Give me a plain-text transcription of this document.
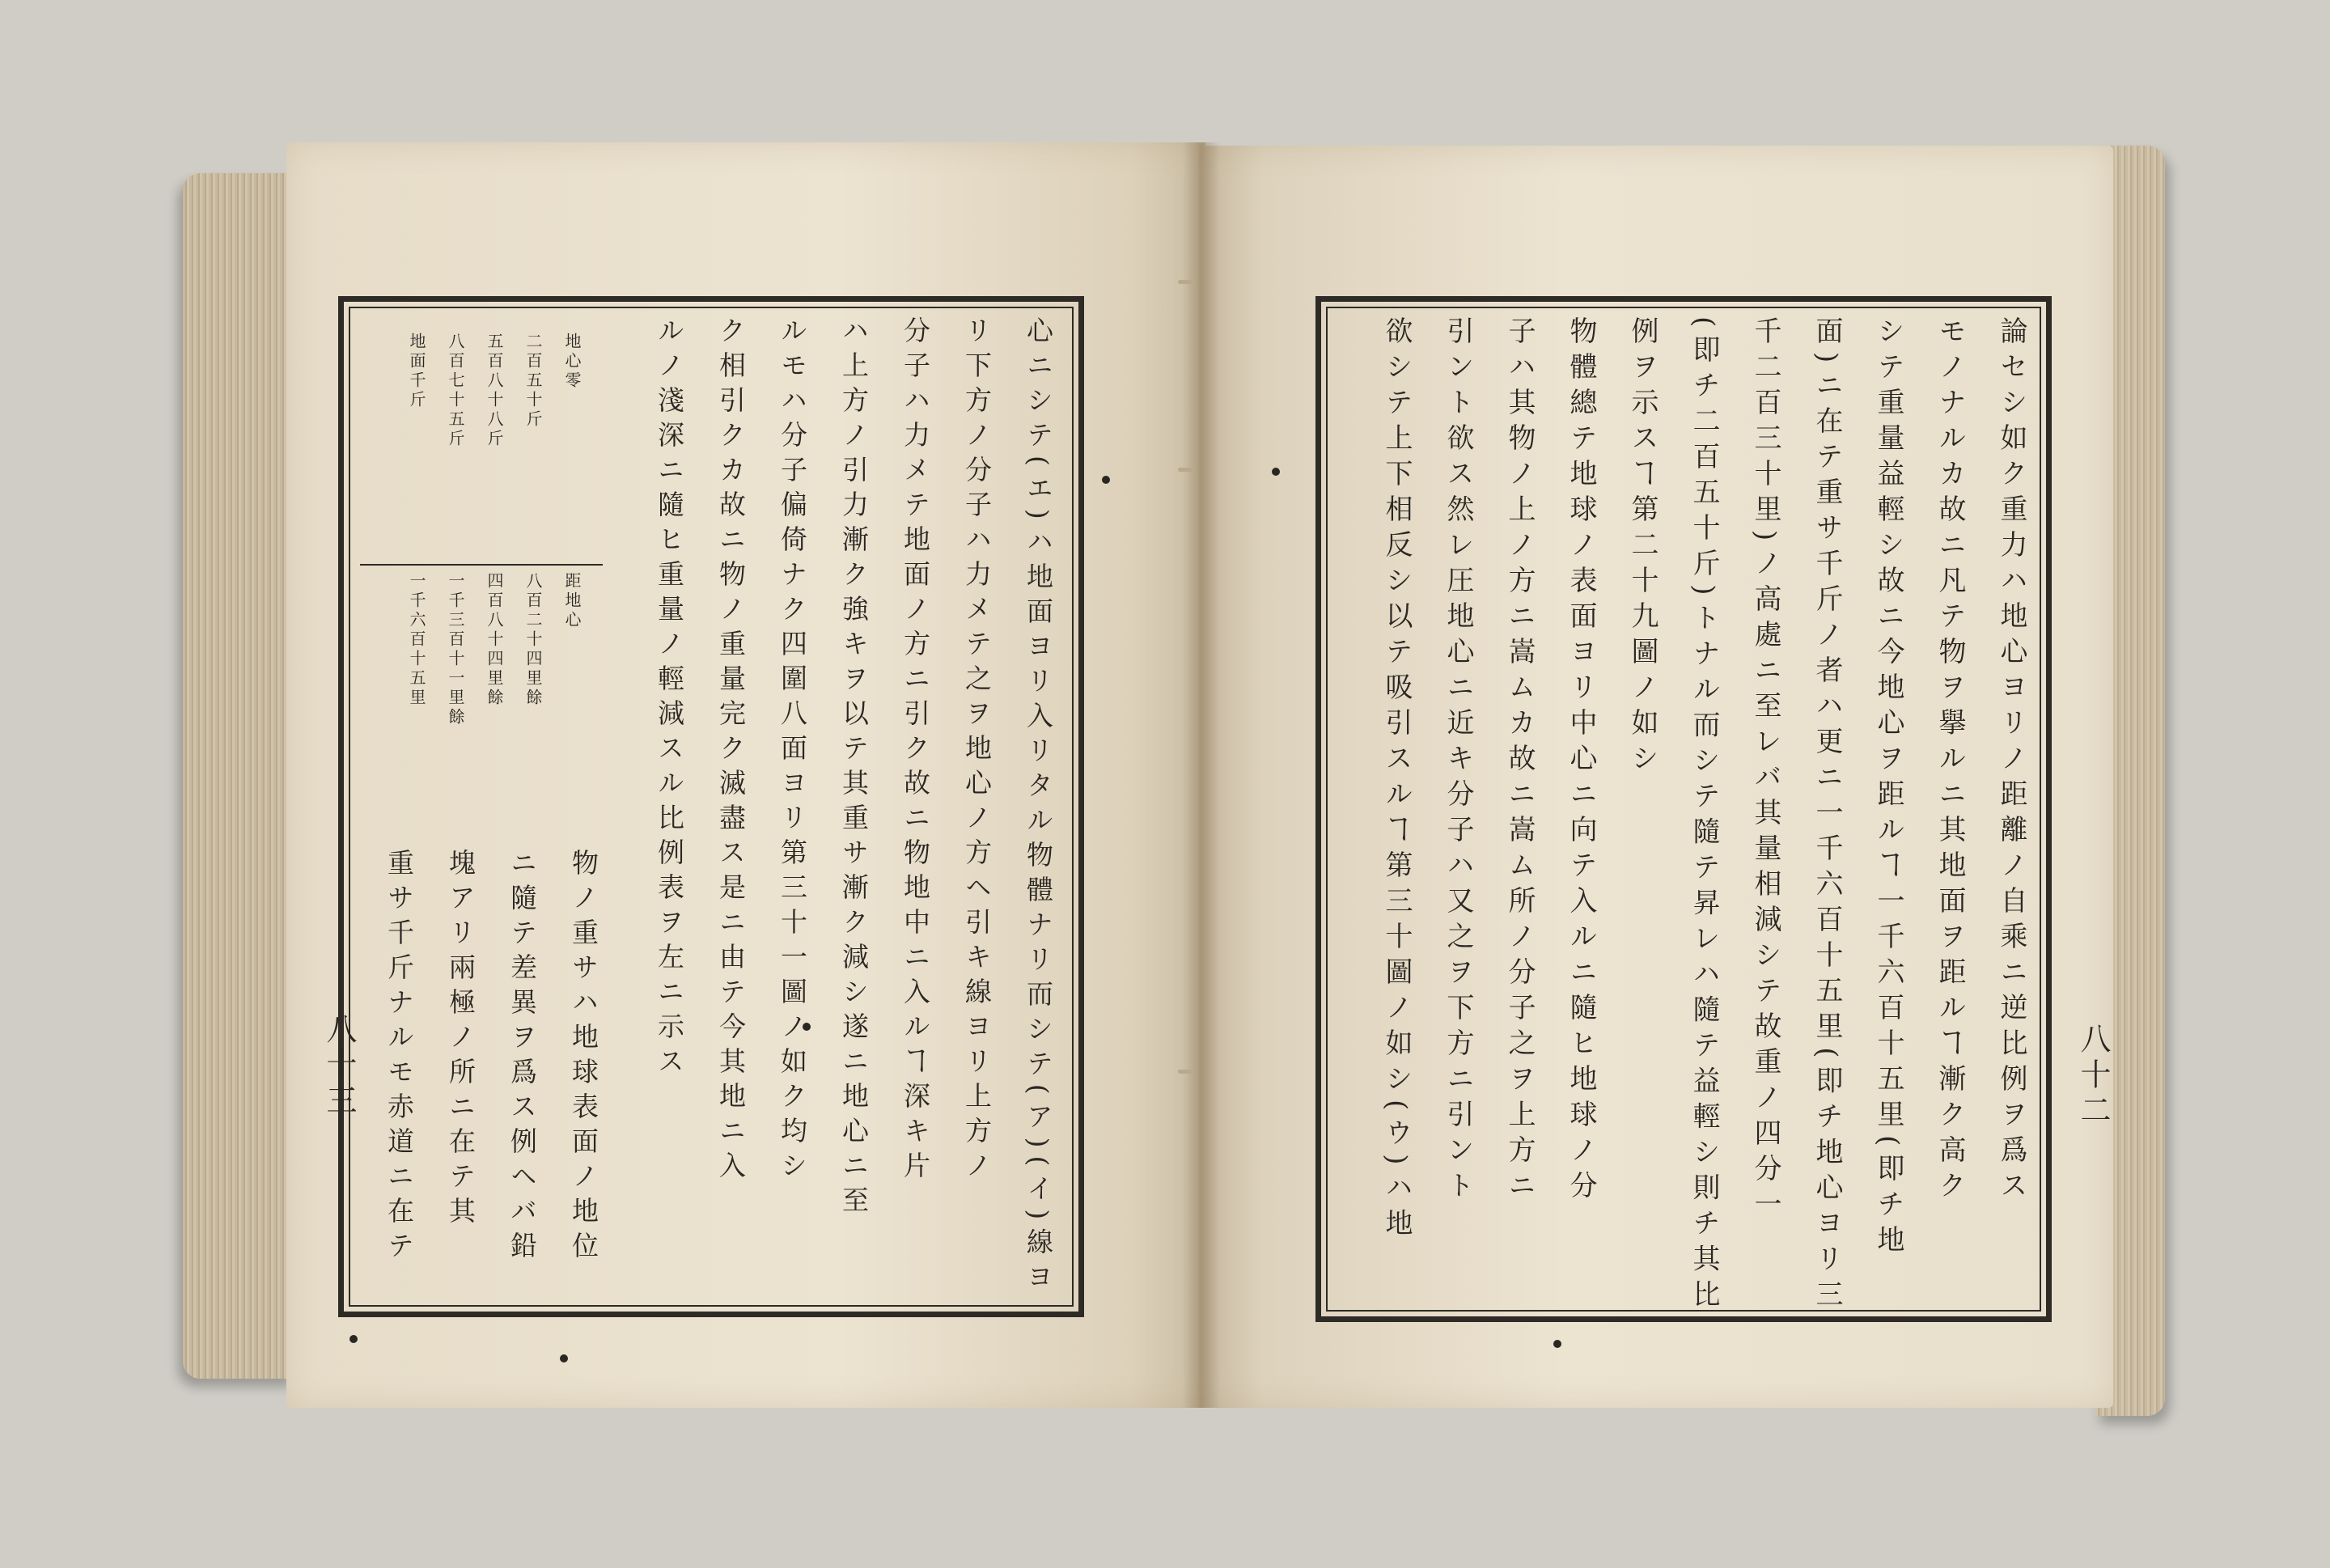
論セシ如ク重力ハ地心ヨリノ距離ノ自乘ニ逆比例ヲ爲ス
モノナルカ故ニ凡テ物ヲ擧ルニ其地面ヲ距ルヿ漸ク高ク
シテ重量益輕シ故ニ今地心ヲ距ルヿ一千六百十五里(即チ地
面)ニ在テ重サ千斤ノ者ハ更ニ一千六百十五里(即チ地心ヨリ三
千二百三十里)ノ高處ニ至レバ其量相減シテ故重ノ四分一
(即チ二百五十斤)トナル而シテ隨テ昇レハ隨テ益輕シ則チ其比
例ヲ示スヿ第二十九圖ノ如シ
物體總テ地球ノ表面ヨリ中心ニ向テ入ルニ隨ヒ地球ノ分
子ハ其物ノ上ノ方ニ嵩ムカ故ニ嵩ム所ノ分子之ヲ上方ニ
引ント欲ス然レ圧地心ニ近キ分子ハ又之ヲ下方ニ引ント
欲シテ上下相反シ以テ吸引スルヿ第三十圖ノ如シ(ウ)ハ地	八十二
心ニシテ(エ)ハ地面ヨリ入リタル物體ナリ而シテ(ア)(イ)線ヨ
リ下方ノ分子ハ力メテ之ヲ地心ノ方ヘ引キ線ヨリ上方ノ
分子ハ力メテ地面ノ方ニ引ク故ニ物地中ニ入ルヿ深キ片
ハ上方ノ引力漸ク強キヲ以テ其重サ漸ク減シ遂ニ地心ニ至
ルモハ分子偏倚ナク四圍八面ヨリ第三十一圖ノ如ク均シ
ク相引クカ故ニ物ノ重量完ク滅盡ス是ニ由テ今其地ニ入
ルノ淺深ニ隨ヒ重量ノ輕減スル比例表ヲ左ニ示ス
物ノ重サハ地球表面ノ地位
ニ隨テ差異ヲ爲ス例ヘバ鉛
塊アリ兩極ノ所ニ在テ其
重サ千斤ナルモ赤道ニ在テ
地心零
二百五十斤
五百八十八斤
八百七十五斤
地面千斤
距地心
八百二十四里餘
四百八十四里餘
一千三百十一里餘
一千六百十五里
八十三
